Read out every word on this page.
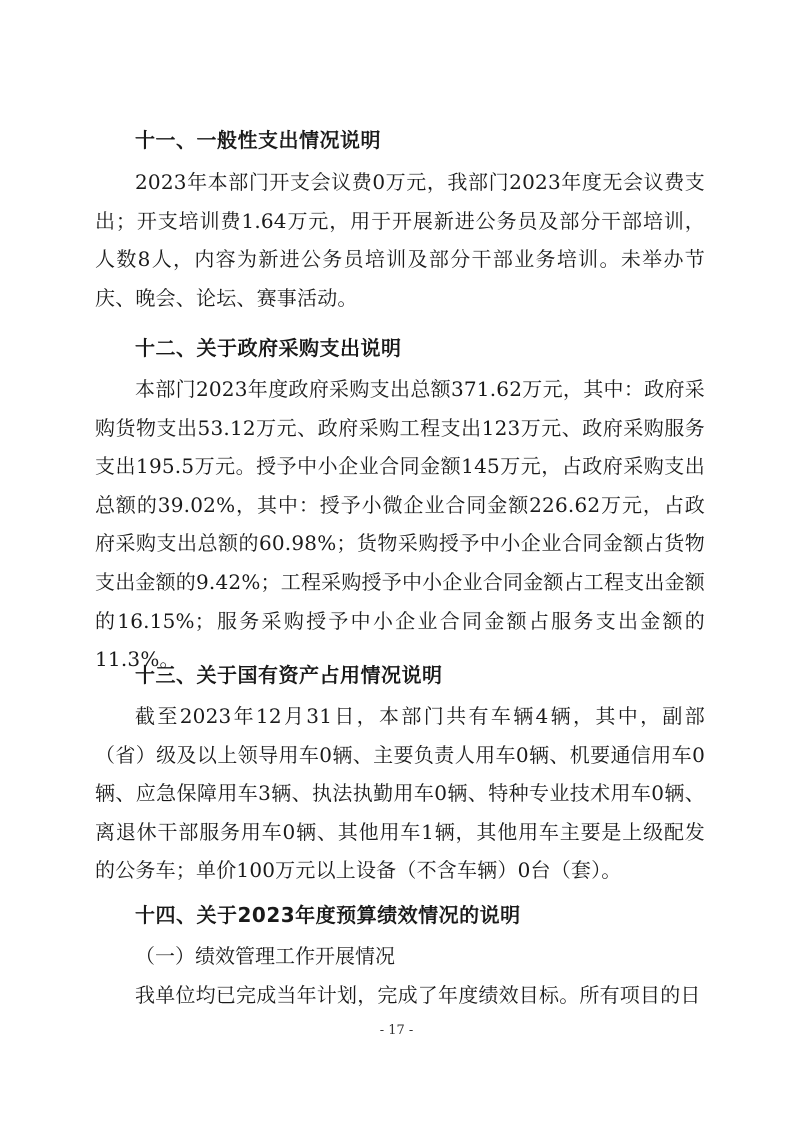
十一、一般性支出情况说明

2023年本部门开支会议费0万元，我部门2023年度无会议费支出；开支培训费1.64万元，用于开展新进公务员及部分干部培训，人数8人，内容为新进公务员培训及部分干部业务培训。未举办节庆、晚会、论坛、赛事活动。

十二、关于政府采购支出说明

本部门2023年度政府采购支出总额371.62万元，其中：政府采购货物支出53.12万元、政府采购工程支出123万元、政府采购服务支出195.5万元。授予中小企业合同金额145万元，占政府采购支出总额的39.02%，其中：授予小微企业合同金额226.62万元，占政府采购支出总额的60.98%；货物采购授予中小企业合同金额占货物支出金额的9.42%；工程采购授予中小企业合同金额占工程支出金额的16.15%；服务采购授予中小企业合同金额占服务支出金额的11.3%。

十三、关于国有资产占用情况说明

截至2023年12月31日，本部门共有车辆4辆，其中，副部（省）级及以上领导用车0辆、主要负责人用车0辆、机要通信用车0辆、应急保障用车3辆、执法执勤用车0辆、特种专业技术用车0辆、离退休干部服务用车0辆、其他用车1辆，其他用车主要是上级配发的公务车；单价100万元以上设备（不含车辆）0台（套）。

十四、关于2023年度预算绩效情况的说明

（一）绩效管理工作开展情况

我单位均已完成当年计划，完成了年度绩效目标。所有项目的日

- 17 -
